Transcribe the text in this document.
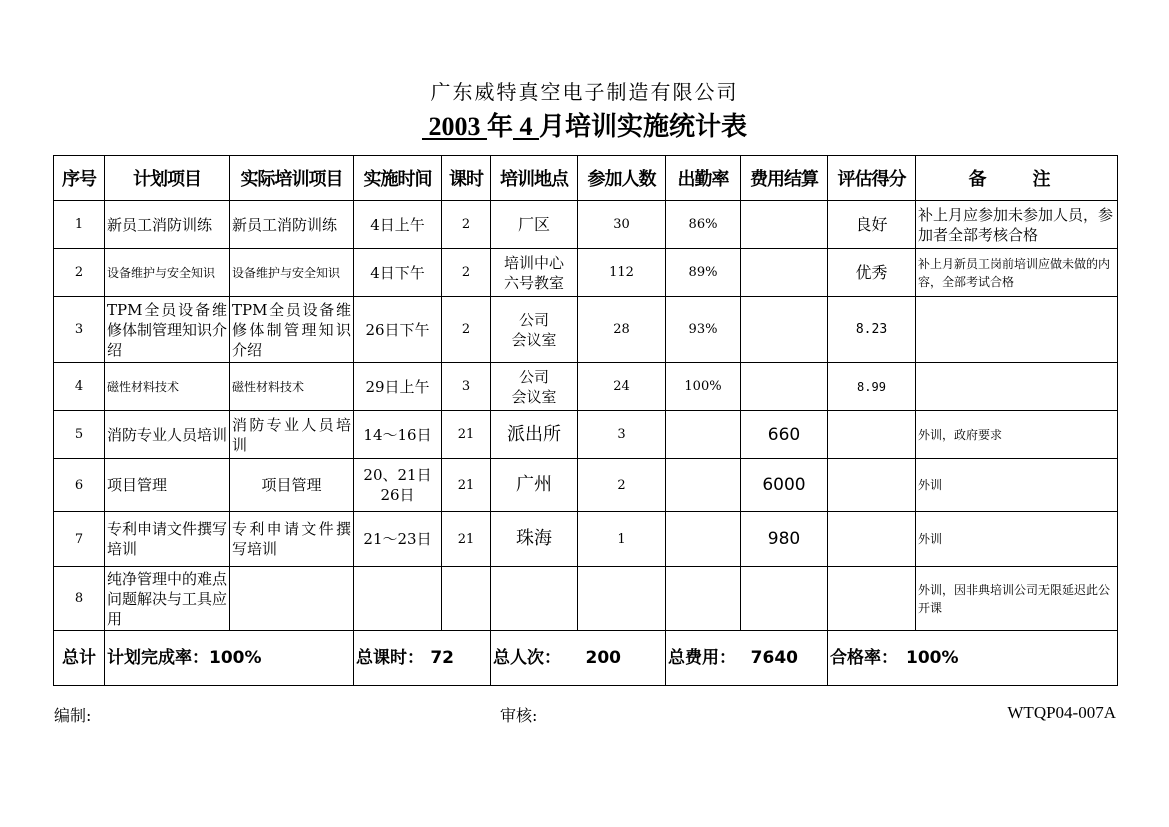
广东威特真空电子制造有限公司
2003 年 4 月培训实施统计表
序号	计划项目	实际培训项目	实施时间	课时	培训地点	参加人数	出勤率	费用结算	评估得分	备　注
1	新员工消防训练	新员工消防训练	4日上午	2	厂区	30	86%		良好	补上月应参加未参加人员，参加者全部考核合格
2	设备维护与安全知识	设备维护与安全知识	4日下午	2	培训中心
六号教室	112	89%		优秀	补上月新员工岗前培训应做未做的内容，全部考试合格
3	TPM全员设备维修体制管理知识介绍	TPM全员设备维修体制管理知识介绍	26日下午	2	公司
会议室	28	93%		8.23	
4	磁性材料技术	磁性材料技术	29日上午	3	公司
会议室	24	100%		8.99	
5	消防专业人员培训	消防专业人员培训	14～16日	21	派出所	3		660		外训，政府要求
6	项目管理	项目管理	20、21日
26日	21	广州	2		6000		外训
7	专利申请文件撰写培训	专利申请文件撰写培训	21～23日	21	珠海	1		980		外训
8	纯净管理中的难点问题解决与工具应用									外训，因非典培训公司无限延迟此公开课
总计	计划完成率：100%		总课时： 72		总人次： 200		总费用： 7640		合格率： 100%	
编制:	审核:	WTQP04-007A
